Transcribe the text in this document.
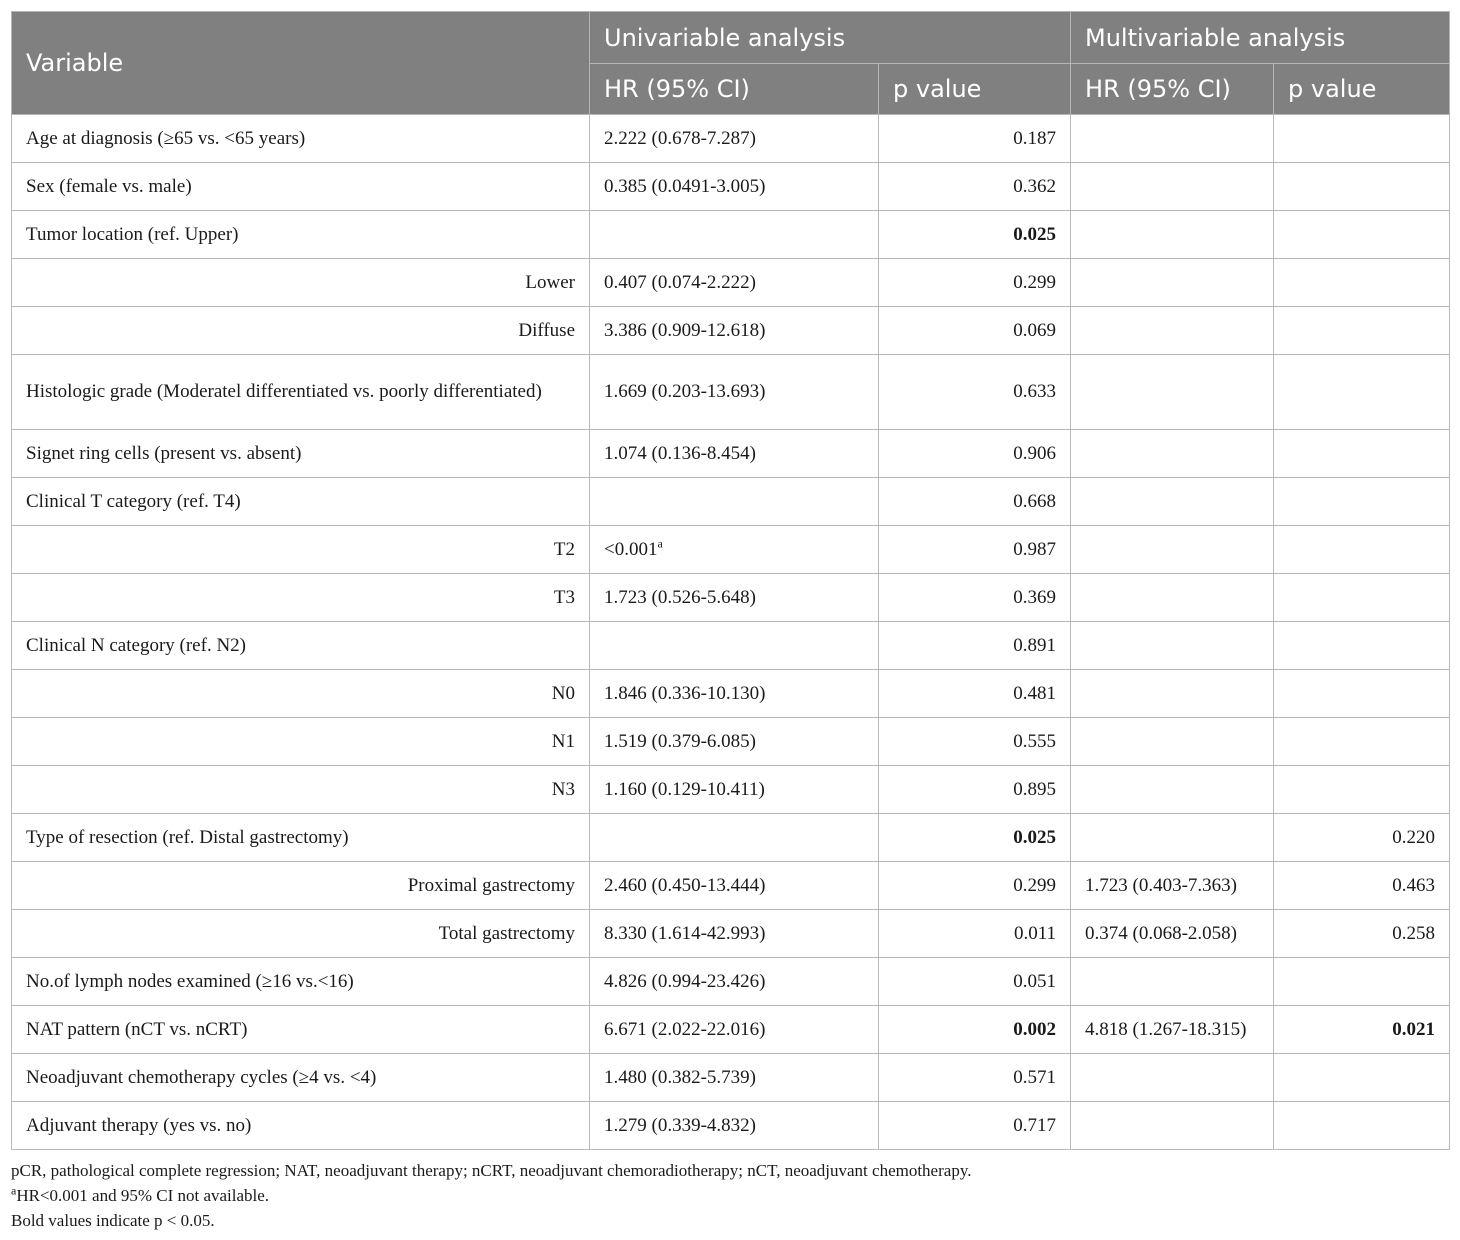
Variable	Univariable analysis		Multivariable analysis	
	HR (95% CI)	p value	HR (95% CI)	p value
Age at diagnosis (≥65 vs. <65 years)	2.222 (0.678-7.287)	0.187		
Sex (female vs. male)	0.385 (0.0491-3.005)	0.362		
Tumor location (ref. Upper)		0.025		
Lower	0.407 (0.074-2.222)	0.299		
Diffuse	3.386 (0.909-12.618)	0.069		
Histologic grade (Moderatel differentiated vs. poorly differentiated)	1.669 (0.203-13.693)	0.633		
Signet ring cells (present vs. absent)	1.074 (0.136-8.454)	0.906		
Clinical T category (ref. T4)		0.668		
T2	<0.001$^a$	0.987		
T3	1.723 (0.526-5.648)	0.369		
Clinical N category (ref. N2)		0.891		
N0	1.846 (0.336-10.130)	0.481		
N1	1.519 (0.379-6.085)	0.555		
N3	1.160 (0.129-10.411)	0.895		
Type of resection (ref. Distal gastrectomy)		0.025		0.220
Proximal gastrectomy	2.460 (0.450-13.444)	0.299	1.723 (0.403-7.363)	0.463
Total gastrectomy	8.330 (1.614-42.993)	0.011	0.374 (0.068-2.058)	0.258
No.of lymph nodes examined (≥16 vs.<16)	4.826 (0.994-23.426)	0.051		
NAT pattern (nCT vs. nCRT)	6.671 (2.022-22.016)	0.002	4.818 (1.267-18.315)	0.021
Neoadjuvant chemotherapy cycles (≥4 vs. <4)	1.480 (0.382-5.739)	0.571		
Adjuvant therapy (yes vs. no)	1.279 (0.339-4.832)	0.717		

pCR, pathological complete regression; NAT, neoadjuvant therapy; nCRT, neoadjuvant chemoradiotherapy; nCT, neoadjuvant chemotherapy.

$^a$HR<0.001 and 95% CI not available.

Bold values indicate p < 0.05.
